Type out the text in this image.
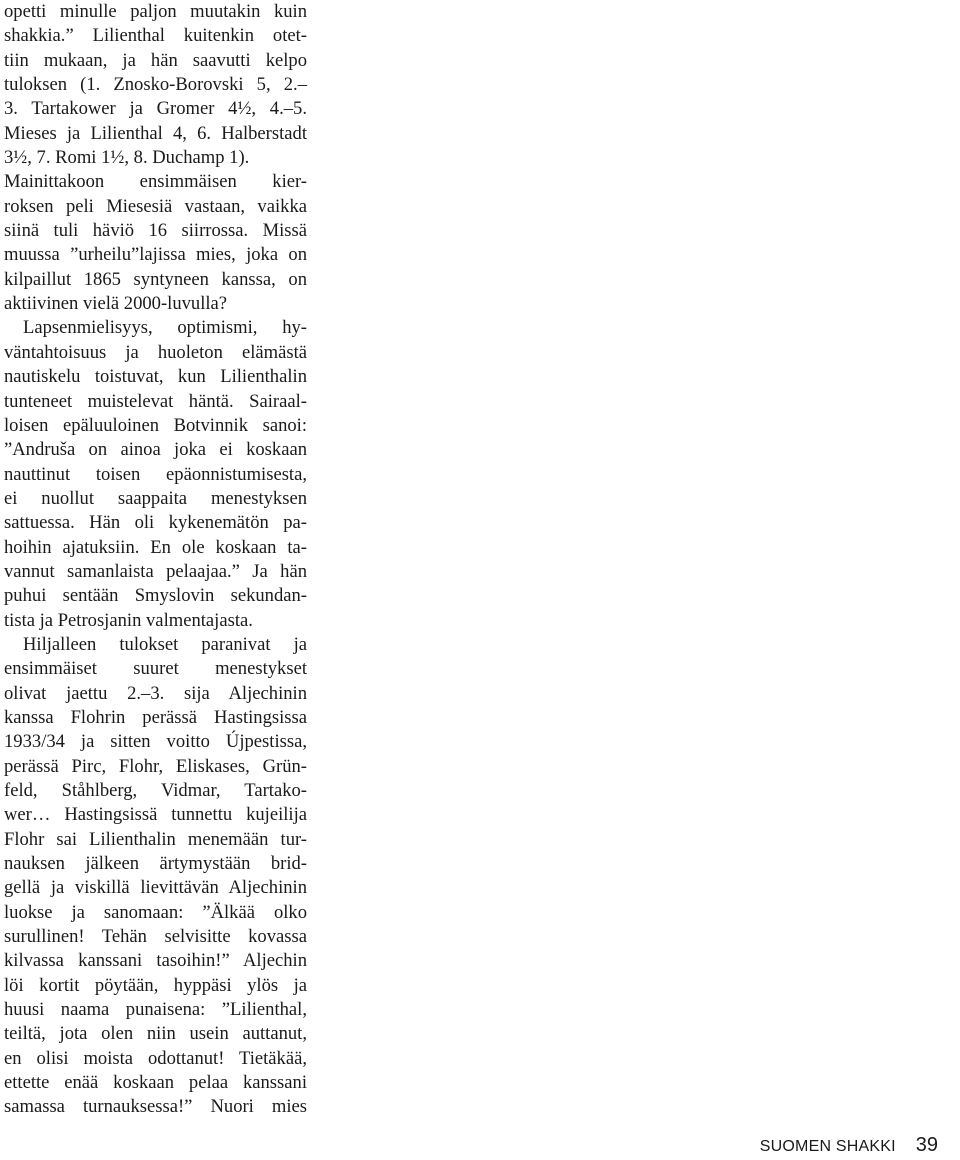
opetti minulle paljon muutakin kuin
shakkia.” Lilienthal kuitenkin otet-
tiin mukaan, ja hän saavutti kelpo
tuloksen (1. Znosko-Borovski 5, 2.–
3. Tartakower ja Gromer 4½, 4.–5.
Mieses ja Lilienthal 4, 6. Halberstadt
3½, 7. Romi 1½, 8. Duchamp 1).
Mainittakoon ensimmäisen kier-
roksen peli Miesesiä vastaan, vaikka
siinä tuli häviö 16 siirrossa. Missä
muussa ”urheilu”lajissa mies, joka on
kilpaillut 1865 syntyneen kanssa, on
aktiivinen vielä 2000-luvulla?
Lapsenmielisyys, optimismi, hy-
väntahtoisuus ja huoleton elämästä
nautiskelu toistuvat, kun Lilienthalin
tunteneet muistelevat häntä. Sairaal-
loisen epäluuloinen Botvinnik sanoi:
”Andruša on ainoa joka ei koskaan
nauttinut toisen epäonnistumisesta,
ei nuollut saappaita menestyksen
sattuessa. Hän oli kykenemätön pa-
hoihin ajatuksiin. En ole koskaan ta-
vannut samanlaista pelaajaa.” Ja hän
puhui sentään Smyslovin sekundan-
tista ja Petrosjanin valmentajasta.
Hiljalleen tulokset paranivat ja
ensimmäiset suuret menestykset
olivat jaettu 2.–3. sija Aljechinin
kanssa Flohrin perässä Hastingsissa
1933/34 ja sitten voitto Újpestissa,
perässä Pirc, Flohr, Eliskases, Grün-
feld, Ståhlberg, Vidmar, Tartako-
wer… Hastingsissä tunnettu kujeilija
Flohr sai Lilienthalin menemään tur-
nauksen jälkeen ärtymystään brid-
gellä ja viskillä lievittävän Aljechinin
luokse ja sanomaan: ”Älkää olko
surullinen! Tehän selvisitte kovassa
kilvassa kanssani tasoihin!” Aljechin
löi kortit pöytään, hyppäsi ylös ja
huusi naama punaisena: ”Lilienthal,
teiltä, jota olen niin usein auttanut,
en olisi moista odottanut! Tietäkää,
ettette enää koskaan pelaa kanssani
samassa turnauksessa!” Nuori mies
SUOMEN SHAKKI 39
